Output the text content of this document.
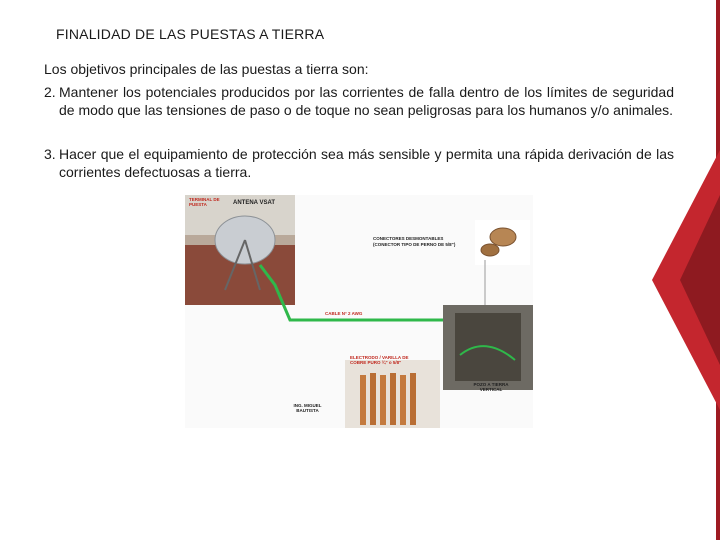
FINALIDAD DE LAS PUESTAS A TIERRA
Los objetivos principales de las puestas a tierra son:
2. Mantener los potenciales producidos por las corrientes de falla dentro de los límites de seguridad de modo que las tensiones de paso o de toque no sean peligrosas para los humanos y/o animales.
3. Hacer que el equipamiento de protección sea más sensible y permita una rápida derivación de las corrientes defectuosas a tierra.
TERMINAL DE PUESTA	ANTENA VSAT
CONECTORES DESMONTABLES
(CONECTOR TIPO DE PERNO DE 5/8")
CABLE N° 2 AWG
ELECTRODO / VARILLA DE COBRE PURO ¾" o 5/8"
POZO A TIERRA VERTICAL
ING. MIGUEL BAUTISTA
